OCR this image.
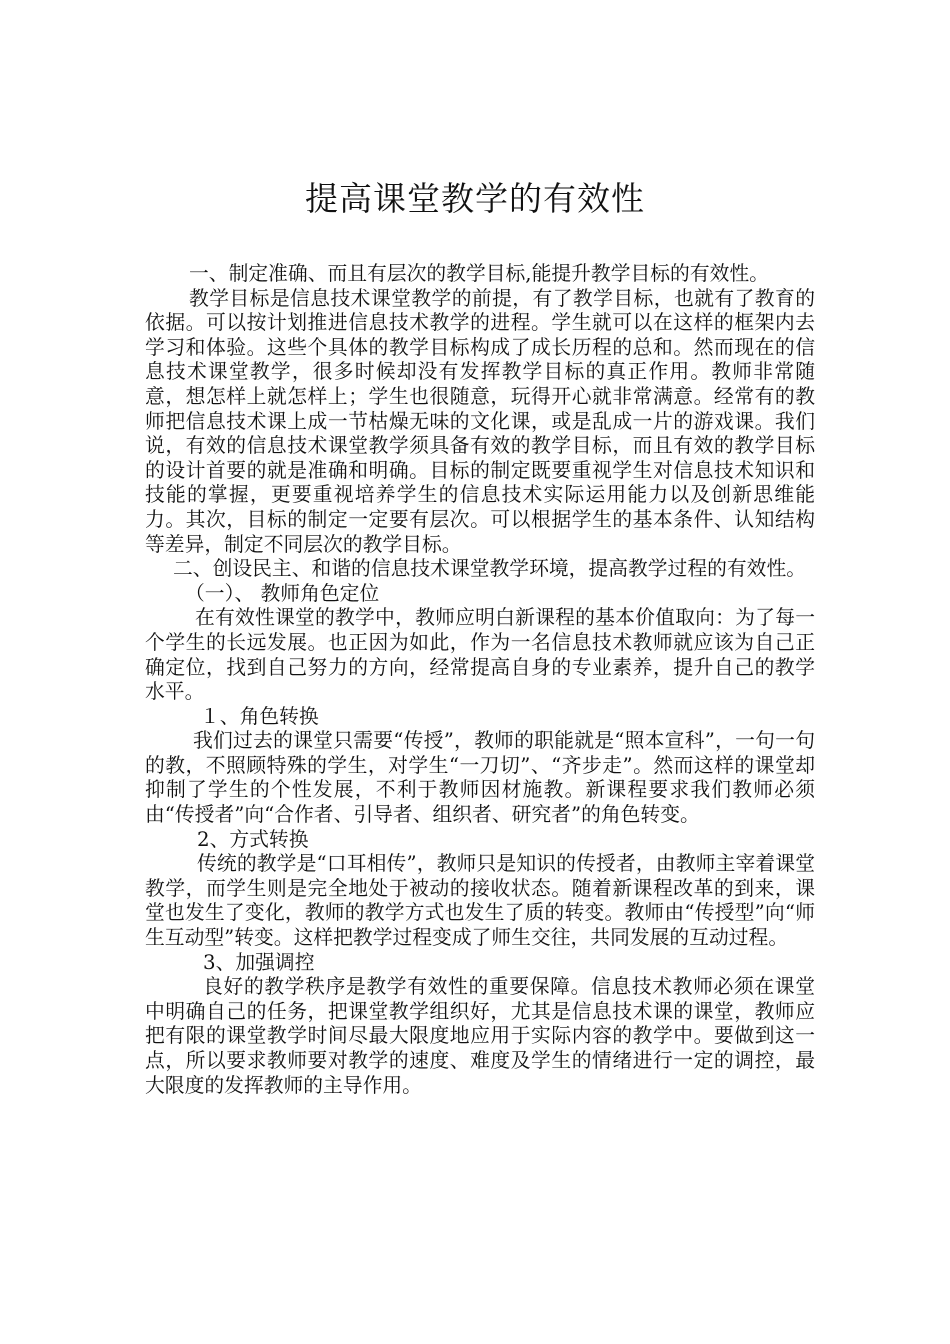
提高课堂教学的有效性

一、制定准确、而且有层次的教学目标,能提升教学目标的有效性。

教学目标是信息技术课堂教学的前提，有了教学目标，也就有了教育的依据。可以按计划推进信息技术教学的进程。学生就可以在这样的框架内去学习和体验。这些个具体的教学目标构成了成长历程的总和。然而现在的信息技术课堂教学，很多时候却没有发挥教学目标的真正作用。教师非常随意，想怎样上就怎样上；学生也很随意，玩得开心就非常满意。经常有的教师把信息技术课上成一节枯燥无味的文化课，或是乱成一片的游戏课。我们说，有效的信息技术课堂教学须具备有效的教学目标，而且有效的教学目标的设计首要的就是准确和明确。目标的制定既要重视学生对信息技术知识和技能的掌握，更要重视培养学生的信息技术实际运用能力以及创新思维能力。其次，目标的制定一定要有层次。可以根据学生的基本条件、认知结构等差异，制定不同层次的教学目标。

二、创设民主、和谐的信息技术课堂教学环境，提高教学过程的有效性。

（一）、 教师角色定位

在有效性课堂的教学中，教师应明白新课程的基本价值取向：为了每一个学生的长远发展。也正因为如此，作为一名信息技术教师就应该为自己正确定位，找到自己努力的方向，经常提高自身的专业素养，提升自己的教学水平。

１、角色转换

我们过去的课堂只需要“传授”，教师的职能就是“照本宣科”，一句一句的教，不照顾特殊的学生，对学生“一刀切”、“齐步走”。然而这样的课堂却抑制了学生的个性发展，不利于教师因材施教。新课程要求我们教师必须由“传授者”向“合作者、引导者、组织者、研究者”的角色转变。

2、方式转换

传统的教学是“口耳相传”，教师只是知识的传授者，由教师主宰着课堂教学，而学生则是完全地处于被动的接收状态。随着新课程改革的到来，课堂也发生了变化，教师的教学方式也发生了质的转变。教师由“传授型”向“师生互动型”转变。这样把教学过程变成了师生交往，共同发展的互动过程。

3、加强调控

良好的教学秩序是教学有效性的重要保障。信息技术教师必须在课堂中明确自己的任务，把课堂教学组织好，尤其是信息技术课的课堂，教师应把有限的课堂教学时间尽最大限度地应用于实际内容的教学中。要做到这一点，所以要求教师要对教学的速度、难度及学生的情绪进行一定的调控，最大限度的发挥教师的主导作用。
